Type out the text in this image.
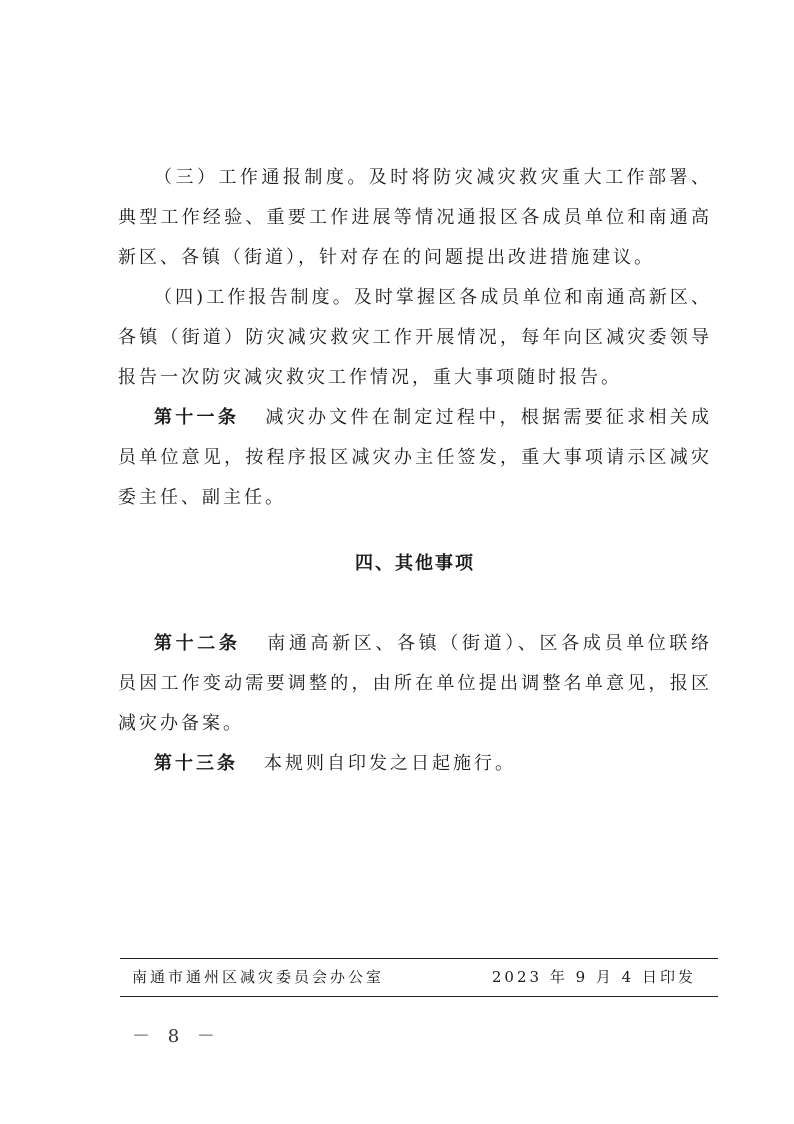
（三）工作通报制度。及时将防灾减灾救灾重大工作部署、典型工作经验、重要工作进展等情况通报区各成员单位和南通高新区、各镇（街道），针对存在的问题提出改进措施建议。

（四)工作报告制度。及时掌握区各成员单位和南通高新区、各镇（街道）防灾减灾救灾工作开展情况，每年向区减灾委领导报告一次防灾减灾救灾工作情况，重大事项随时报告。

第十一条 减灾办文件在制定过程中，根据需要征求相关成员单位意见，按程序报区减灾办主任签发，重大事项请示区减灾委主任、副主任。

四、其他事项

第十二条 南通高新区、各镇（街道）、区各成员单位联络员因工作变动需要调整的，由所在单位提出调整名单意见，报区减灾办备案。

第十三条 本规则自印发之日起施行。

南通市通州区减灾委员会办公室	2023 年 9 月 4 日印发
－ 8 －
